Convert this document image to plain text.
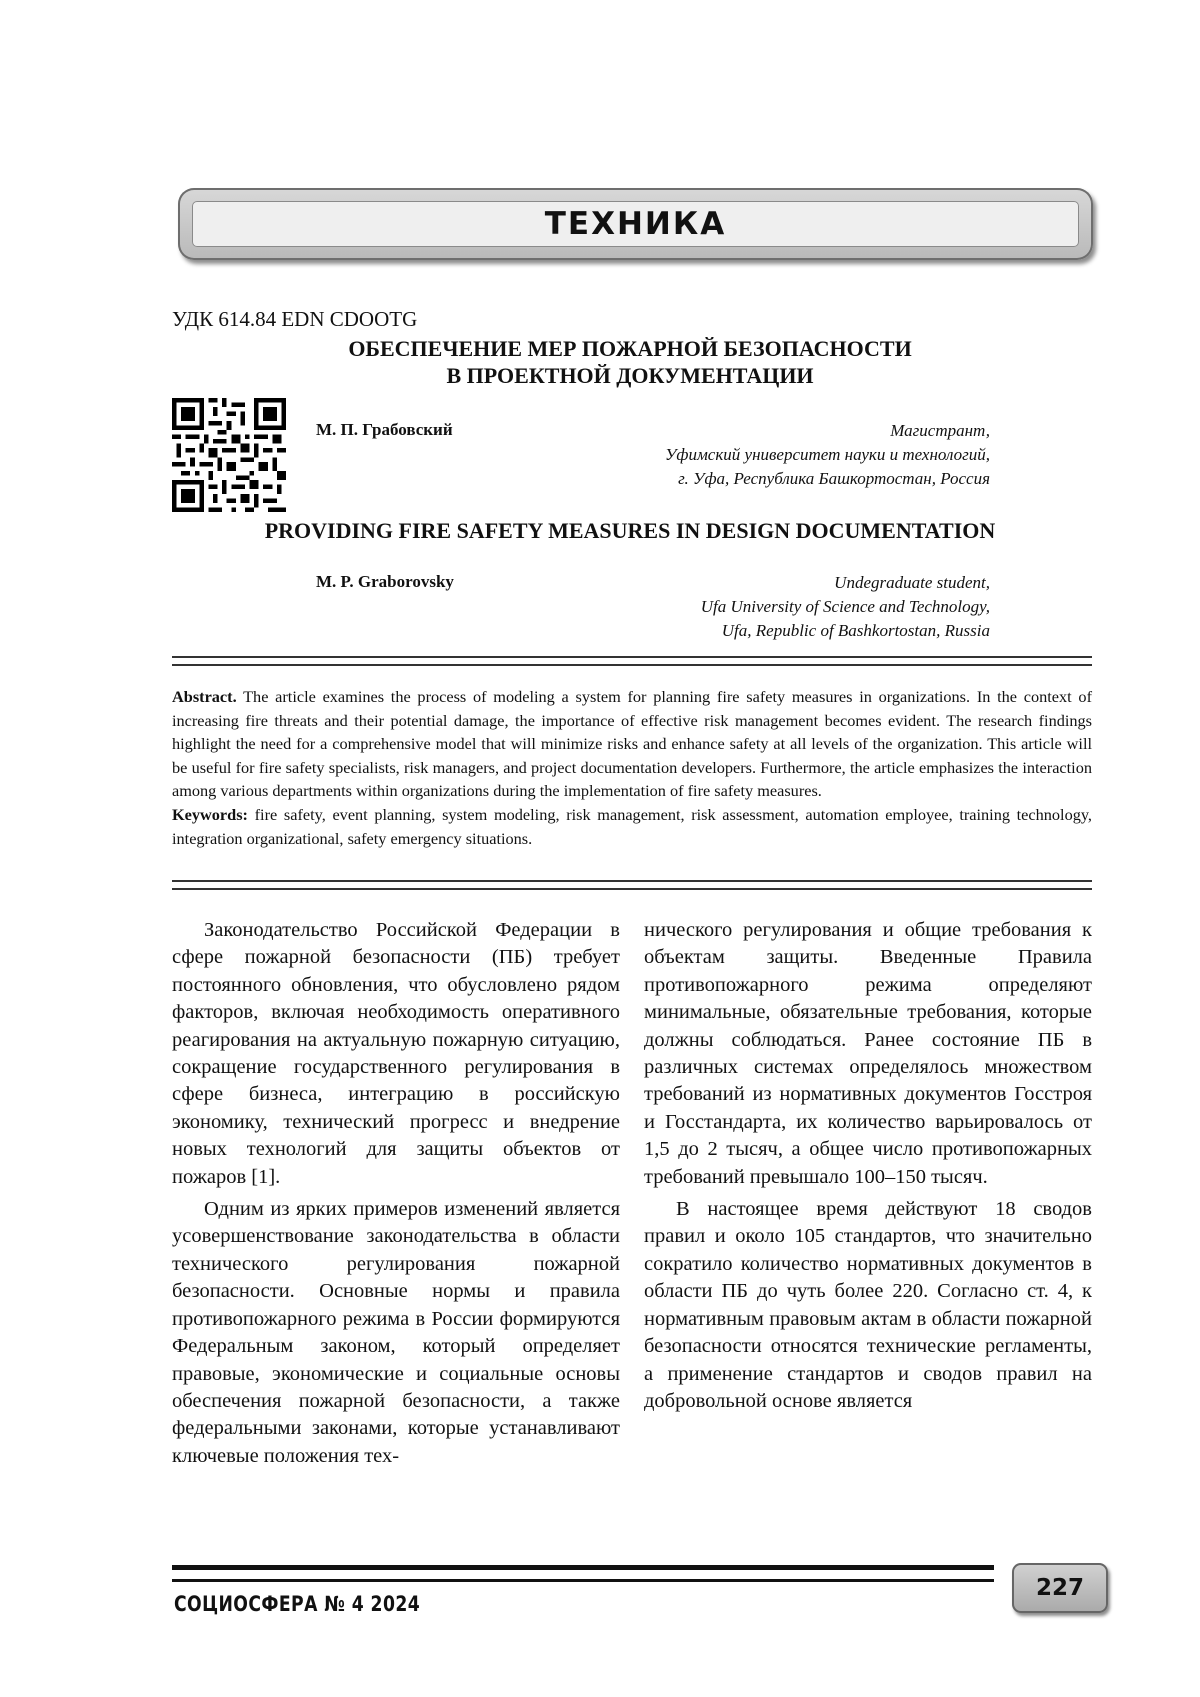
ТЕХНИКА
УДК 614.84 EDN CDOOTG
ОБЕСПЕЧЕНИЕ МЕР ПОЖАРНОЙ БЕЗОПАСНОСТИ
В ПРОЕКТНОЙ ДОКУМЕНТАЦИИ
М. П. Грабовский	Магистрант,
Уфимский университет науки и технологий,
г. Уфа, Республика Башкортостан, Россия
PROVIDING FIRE SAFETY MEASURES IN DESIGN DOCUMENTATION
M. P. Graborovsky	Undegraduate student,
Ufa University of Science and Technology,
Ufa, Republic of Bashkortostan, Russia
Abstract. The article examines the process of modeling a system for planning fire safety measures in organizations. In the context of increasing fire threats and their potential damage, the importance of effective risk management becomes evident. The research findings highlight the need for a comprehensive model that will minimize risks and enhance safety at all levels of the organization. This article will be useful for fire safety specialists, risk managers, and project documentation developers. Furthermore, the article emphasizes the interaction among various departments within organizations during the implementation of fire safety measures.
Keywords: fire safety, event planning, system modeling, risk management, risk assessment, automation employee, training technology, integration organizational, safety emergency situations.

Законодательство Российской Федерации в сфере пожарной безопасности (ПБ) требует постоянного обновления, что обусловлено рядом факторов, включая необходимость оперативного реагирования на актуальную пожарную ситуацию, сокращение государственного регулирования в сфере бизнеса, интеграцию в российскую экономику, технический прогресс и внедрение новых технологий для защиты объектов от пожаров [1].

Одним из ярких примеров изменений является усовершенствование законодательства в области технического регулирования пожарной безопасности. Основные нормы и правила противопожарного режима в России формируются Федеральным законом, который определяет правовые, экономические и социальные основы обеспечения пожарной безопасности, а также федеральными законами, которые устанавливают ключевые положения тех-

нического регулирования и общие требования к объектам защиты. Введенные Правила противопожарного режима определяют минимальные, обязательные требования, которые должны соблюдаться. Ранее состояние ПБ в различных системах определялось множеством требований из нормативных документов Госстроя и Госстандарта, их количество варьировалось от 1,5 до 2 тысяч, а общее число противопожарных требований превышало 100–150 тысяч.

В настоящее время действуют 18 сводов правил и около 105 стандартов, что значительно сократило количество нормативных документов в области ПБ до чуть более 220. Согласно ст. 4, к нормативным правовым актам в области пожарной безопасности относятся технические регламенты, а применение стандартов и сводов правил на добровольной основе является

СОЦИОСФЕРА № 4 2024
227
